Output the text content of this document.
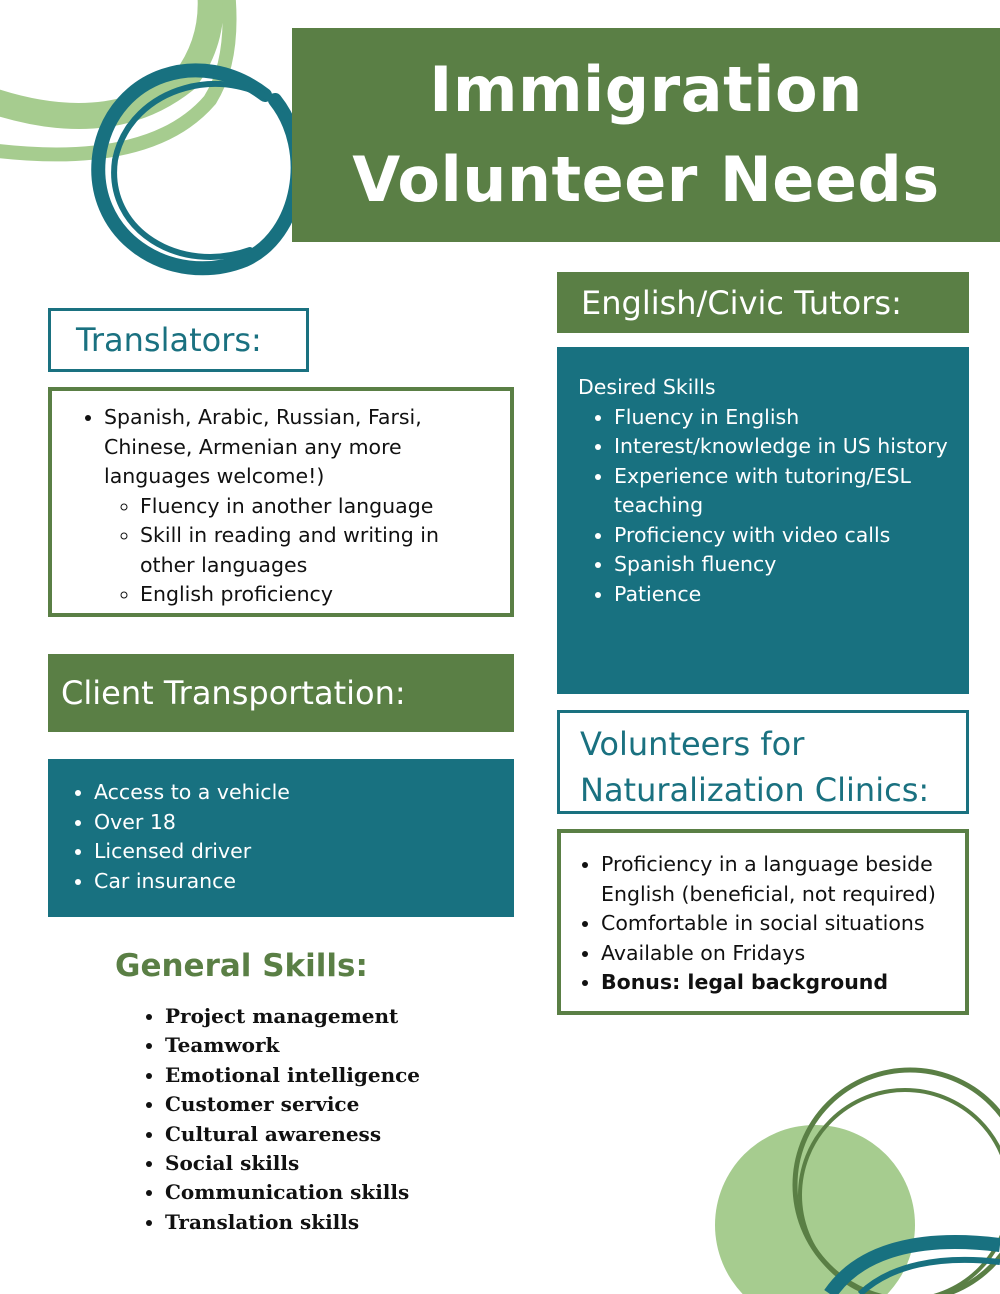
Immigration
Volunteer Needs
Translators:
• Spanish, Arabic, Russian, Farsi, Chinese, Armenian any more languages welcome!)
◦ Fluency in another language
◦ Skill in reading and writing in other languages
◦ English proficiency
Client Transportation:
• Access to a vehicle
• Over 18
• Licensed driver
• Car insurance
General Skills:
• Project management
• Teamwork
• Emotional intelligence
• Customer service
• Cultural awareness
• Social skills
• Communication skills
• Translation skills
English/Civic Tutors:
Desired Skills
• Fluency in English
• Interest/knowledge in US history
• Experience with tutoring/ESL teaching
• Proficiency with video calls
• Spanish fluency
• Patience
Volunteers for
Naturalization Clinics:
• Proficiency in a language beside English (beneficial, not required)
• Comfortable in social situations
• Available on Fridays
• Bonus: legal background
